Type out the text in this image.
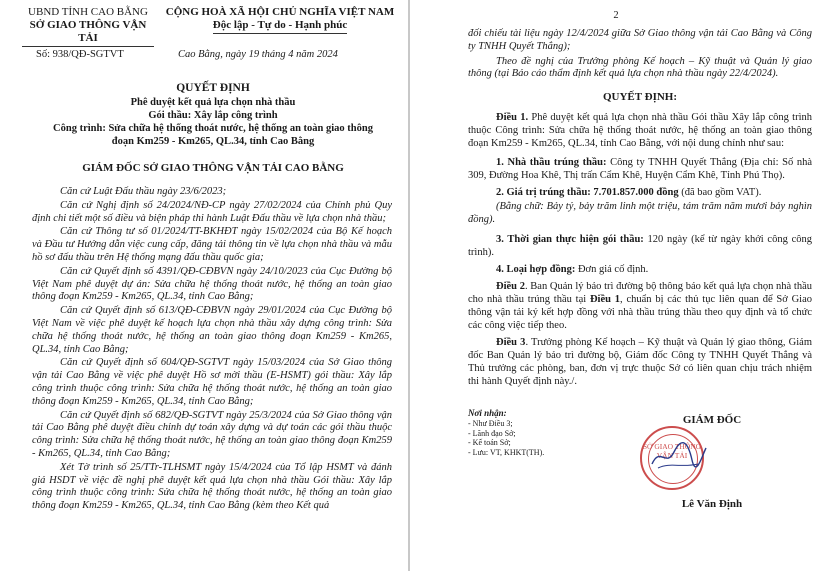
UBND TỈNH CAO BẰNG
SỞ GIAO THÔNG VẬN TẢI
CỘNG HOÀ XÃ HỘI CHỦ NGHĨA VIỆT NAM
Độc lập - Tự do - Hạnh phúc
Số: 938/QĐ-SGTVT	Cao Bằng, ngày 19 tháng 4 năm 2024
QUYẾT ĐỊNH
Phê duyệt kết quả lựa chọn nhà thầu
Gói thầu: Xây lắp công trình
Công trình: Sửa chữa hệ thống thoát nước, hệ thống an toàn giao thông
đoạn Km259 - Km265, QL.34, tỉnh Cao Bằng
GIÁM ĐỐC SỞ GIAO THÔNG VẬN TẢI CAO BẰNG

Căn cứ Luật Đấu thầu ngày 23/6/2023;

Căn cứ Nghị định số 24/2024/NĐ-CP ngày 27/02/2024 của Chính phủ Quy định chi tiết một số điều và biện pháp thi hành Luật Đấu thầu về lựa chọn nhà thầu;

Căn cứ Thông tư số 01/2024/TT-BKHĐT ngày 15/02/2024 của Bộ Kế hoạch và Đầu tư Hướng dẫn việc cung cấp, đăng tải thông tin về lựa chọn nhà thầu và mẫu hồ sơ đấu thầu trên Hệ thống mạng đấu thầu quốc gia;

Căn cứ Quyết định số 4391/QĐ-CĐBVN ngày 24/10/2023 của Cục Đường bộ Việt Nam phê duyệt dự án: Sửa chữa hệ thống thoát nước, hệ thống an toàn giao thông đoạn Km259 - Km265, QL.34, tỉnh Cao Bằng;

Căn cứ Quyết định số 613/QĐ-CĐBVN ngày 29/01/2024 của Cục Đường bộ Việt Nam về việc phê duyệt kế hoạch lựa chọn nhà thầu xây dựng công trình: Sửa chữa hệ thống thoát nước, hệ thống an toàn giao thông đoạn Km259 - Km265, QL.34, tỉnh Cao Bằng;

Căn cứ Quyết định số 604/QĐ-SGTVT ngày 15/03/2024 của Sở Giao thông vận tải Cao Bằng về việc phê duyệt Hồ sơ mời thầu (E-HSMT) gói thầu: Xây lắp công trình thuộc công trình: Sửa chữa hệ thống thoát nước, hệ thống an toàn giao thông đoạn Km259 - Km265, QL.34, tỉnh Cao Bằng;

Căn cứ Quyết định số 682/QĐ-SGTVT ngày 25/3/2024 của Sở Giao thông vận tải Cao Bằng phê duyệt điều chỉnh dự toán xây dựng và dự toán các gói thầu thuộc công trình: Sửa chữa hệ thống thoát nước, hệ thống an toàn giao thông đoạn Km259 - Km265, QL.34, tỉnh Cao Bằng;

Xét Tờ trình số 25/TTr-TLHSMT ngày 15/4/2024 của Tổ lập HSMT và đánh giá HSDT về việc đề nghị phê duyệt kết quả lựa chọn nhà thầu Gói thầu: Xây lắp công trình thuộc công trình: Sửa chữa hệ thống thoát nước, hệ thống an toàn giao thông đoạn Km259 - Km265, QL.34, tỉnh Cao Bằng (kèm theo Kết quả

2

đối chiếu tài liệu ngày 12/4/2024 giữa Sở Giao thông vận tải Cao Bằng và Công ty TNHH Quyết Thắng);

Theo đề nghị của Trưởng phòng Kế hoạch – Kỹ thuật và Quản lý giao thông (tại Báo cáo thẩm định kết quả lựa chọn nhà thầu ngày 22/4/2024).

QUYẾT ĐỊNH:

Điều 1. Phê duyệt kết quả lựa chọn nhà thầu Gói thầu Xây lắp công trình thuộc Công trình: Sửa chữa hệ thống thoát nước, hệ thống an toàn giao thông đoạn Km259 - Km265, QL.34, tỉnh Cao Bằng, với nội dung chính như sau:

1. Nhà thầu trúng thầu: Công ty TNHH Quyết Thắng (Địa chỉ: Số nhà 309, Đường Hoa Khê, Thị trấn Cẩm Khê, Huyện Cẩm Khê, Tỉnh Phú Thọ).

2. Giá trị trúng thầu: 7.701.857.000 đồng (đã bao gồm VAT).

(Bằng chữ: Bảy tỷ, bảy trăm linh một triệu, tám trăm năm mươi bảy nghìn đồng).

3. Thời gian thực hiện gói thầu: 120 ngày (kể từ ngày khởi công công trình).

4. Loại hợp đồng: Đơn giá cố định.

Điều 2. Ban Quản lý bảo trì đường bộ thông báo kết quả lựa chọn nhà thầu cho nhà thầu trúng thầu tại Điều 1, chuẩn bị các thủ tục liên quan để Sở Giao thông vận tải ký kết hợp đồng với nhà thầu trúng thầu theo quy định và tổ chức các công việc tiếp theo.

Điều 3. Trưởng phòng Kế hoạch – Kỹ thuật và Quản lý giao thông, Giám đốc Ban Quản lý bảo trì đường bộ, Giám đốc Công ty TNHH Quyết Thắng và Thủ trưởng các phòng, ban, đơn vị trực thuộc Sở có liên quan chịu trách nhiệm thi hành Quyết định này./.

Nơi nhận:
- Như Điều 3;
- Lãnh đạo Sở;
- Kế toán Sở;
- Lưu: VT, KHKT(TH).
GIÁM ĐỐC
Lê Văn Định
SỞ GIAO THÔNG VẬN TẢI
